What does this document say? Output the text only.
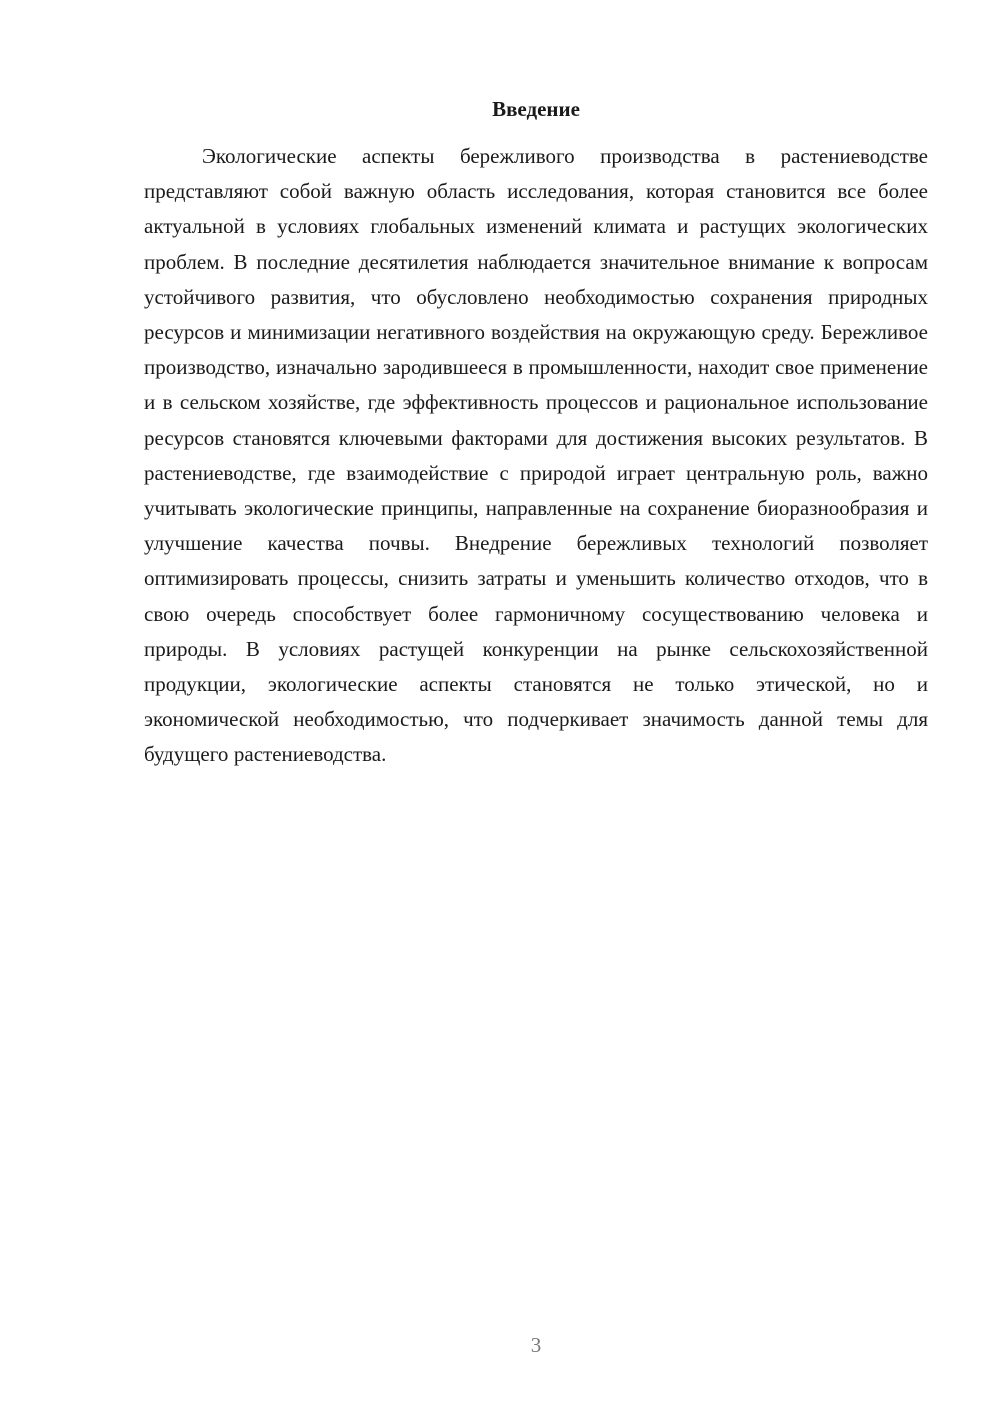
Введение

Экологические аспекты бережливого производства в растениеводстве представляют собой важную область исследования, которая становится все более актуальной в условиях глобальных изменений климата и растущих экологических проблем. В последние десятилетия наблюдается значительное внимание к вопросам устойчивого развития, что обусловлено необходимостью сохранения природных ресурсов и минимизации негативного воздействия на окружающую среду. Бережливое производство, изначально зародившееся в промышленности, находит свое применение и в сельском хозяйстве, где эффективность процессов и рациональное использование ресурсов становятся ключевыми факторами для достижения высоких результатов. В растениеводстве, где взаимодействие с природой играет центральную роль, важно учитывать экологические принципы, направленные на сохранение биоразнообразия и улучшение качества почвы. Внедрение бережливых технологий позволяет оптимизировать процессы, снизить затраты и уменьшить количество отходов, что в свою очередь способствует более гармоничному сосуществованию человека и природы. В условиях растущей конкуренции на рынке сельскохозяйственной продукции, экологические аспекты становятся не только этической, но и экономической необходимостью, что подчеркивает значимость данной темы для будущего растениеводства.

3
